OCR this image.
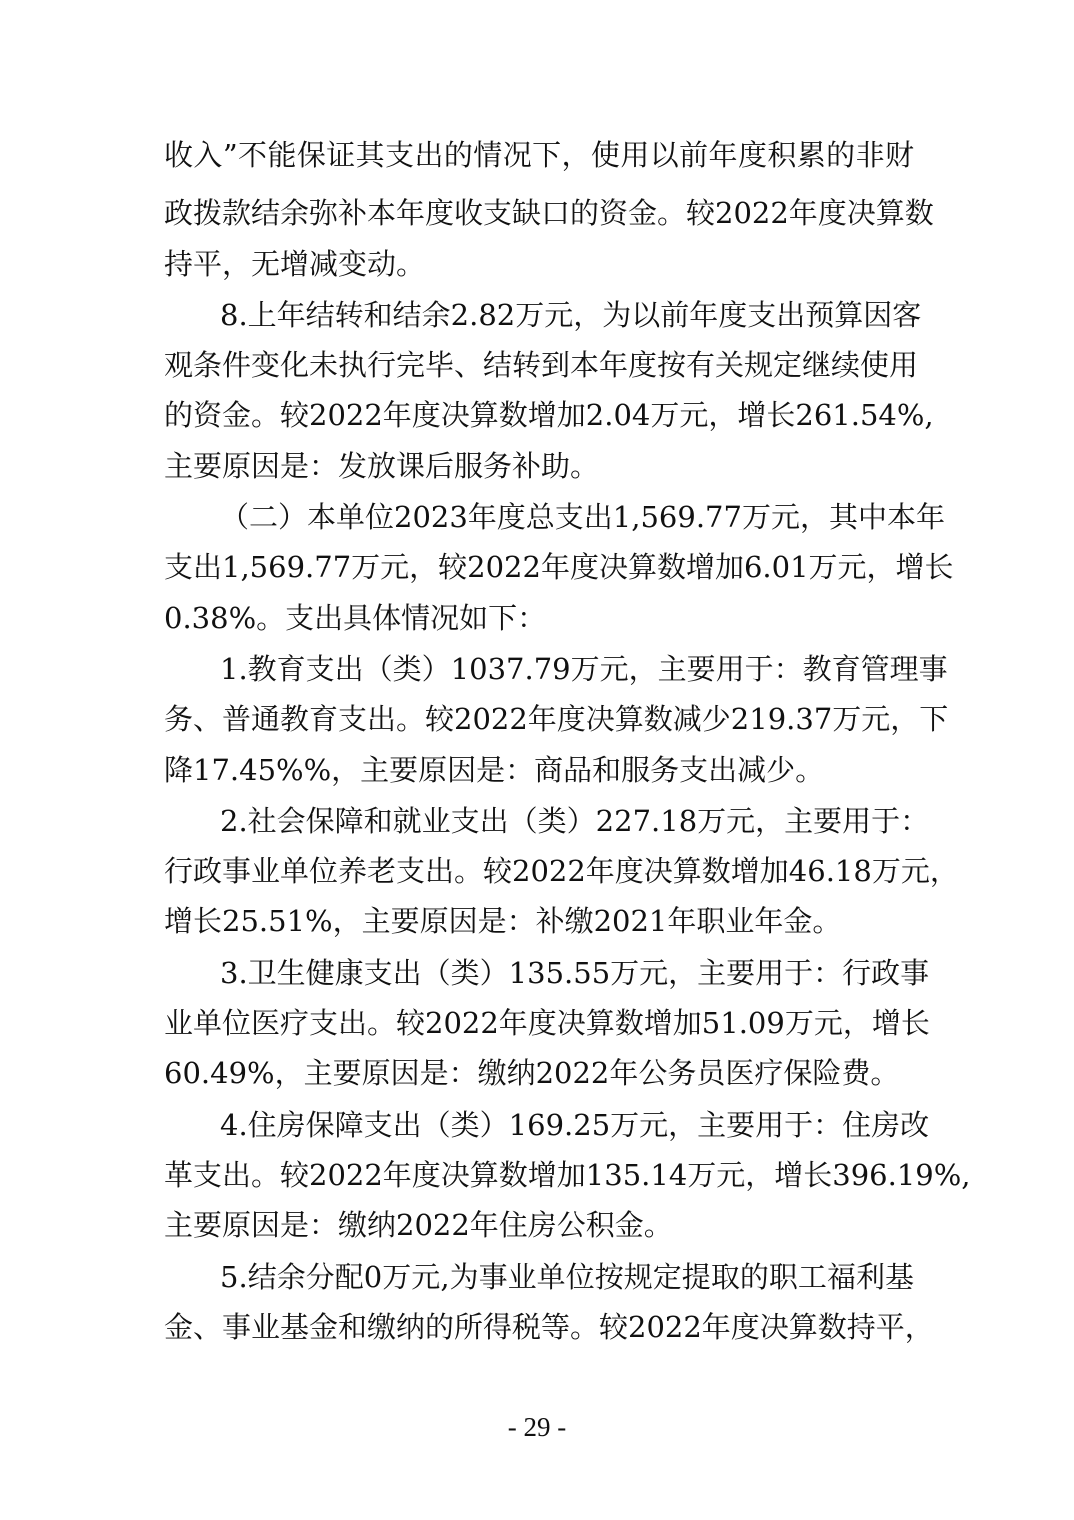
收入”不能保证其支出的情况下，使用以前年度积累的非财
政拨款结余弥补本年度收支缺口的资金。较2022年度决算数
持平，无增减变动。
8.上年结转和结余2.82万元，为以前年度支出预算因客
观条件变化未执行完毕、结转到本年度按有关规定继续使用
的资金。较2022年度决算数增加2.04万元，增长261.54%,
主要原因是：发放课后服务补助。
（二）本单位2023年度总支出1,569.77万元，其中本年
支出1,569.77万元，较2022年度决算数增加6.01万元，增长
0.38%。支出具体情况如下：
1.教育支出（类）1037.79万元，主要用于：教育管理事
务、普通教育支出。较2022年度决算数减少219.37万元，下
降17.45%%，主要原因是：商品和服务支出减少。
2.社会保障和就业支出（类）227.18万元，主要用于：
行政事业单位养老支出。较2022年度决算数增加46.18万元，
增长25.51%，主要原因是：补缴2021年职业年金。
3.卫生健康支出（类）135.55万元，主要用于：行政事
业单位医疗支出。较2022年度决算数增加51.09万元，增长
60.49%，主要原因是：缴纳2022年公务员医疗保险费。
4.住房保障支出（类）169.25万元，主要用于：住房改
革支出。较2022年度决算数增加135.14万元，增长396.19%,
主要原因是：缴纳2022年住房公积金。
5.结余分配0万元,为事业单位按规定提取的职工福利基
金、事业基金和缴纳的所得税等。较2022年度决算数持平，
- 29 -
